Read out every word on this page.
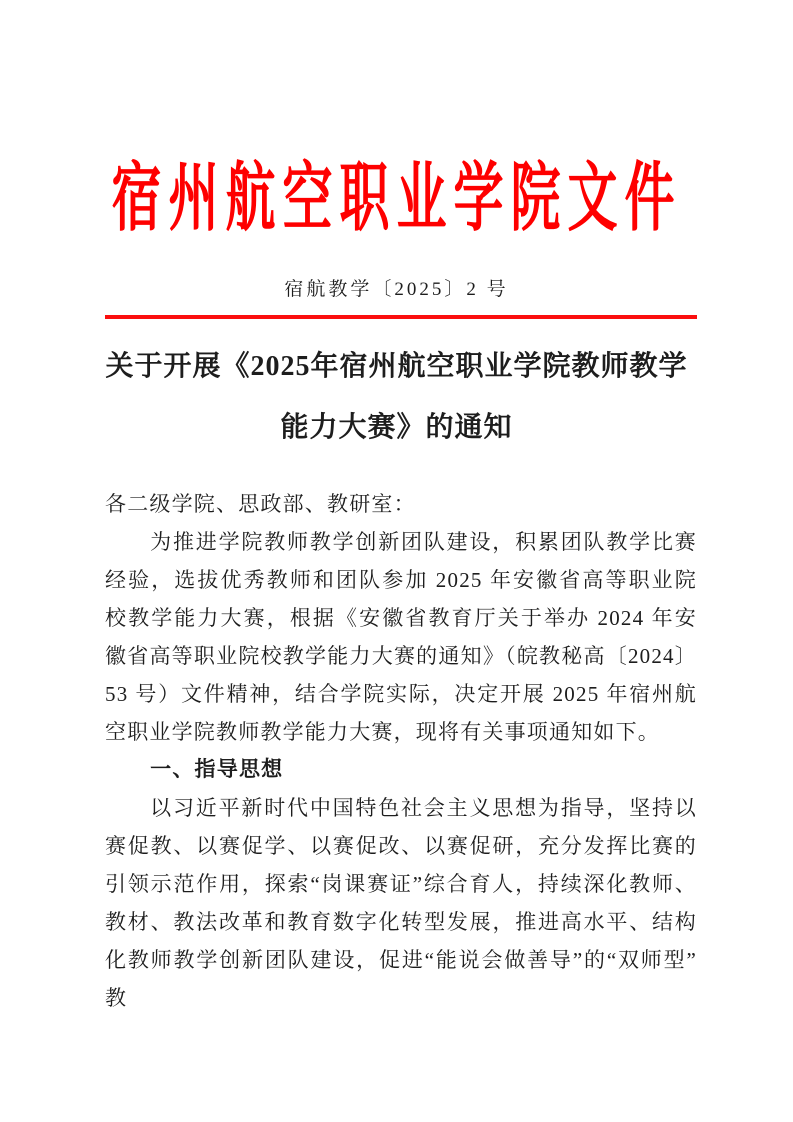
宿州航空职业学院文件
宿航教学〔2025〕2 号
关于开展《2025年宿州航空职业学院教师教学
能力大赛》的通知

各二级学院、思政部、教研室：

为推进学院教师教学创新团队建设，积累团队教学比赛经验，选拔优秀教师和团队参加 2025 年安徽省高等职业院校教学能力大赛，根据《安徽省教育厅关于举办 2024 年安徽省高等职业院校教学能力大赛的通知》（皖教秘高〔2024〕53 号）文件精神，结合学院实际，决定开展 2025 年宿州航空职业学院教师教学能力大赛，现将有关事项通知如下。

一、指导思想

以习近平新时代中国特色社会主义思想为指导，坚持以赛促教、以赛促学、以赛促改、以赛促研，充分发挥比赛的引领示范作用，探索“岗课赛证”综合育人，持续深化教师、教材、教法改革和教育数字化转型发展，推进高水平、结构化教师教学创新团队建设，促进“能说会做善导”的“双师型”教
